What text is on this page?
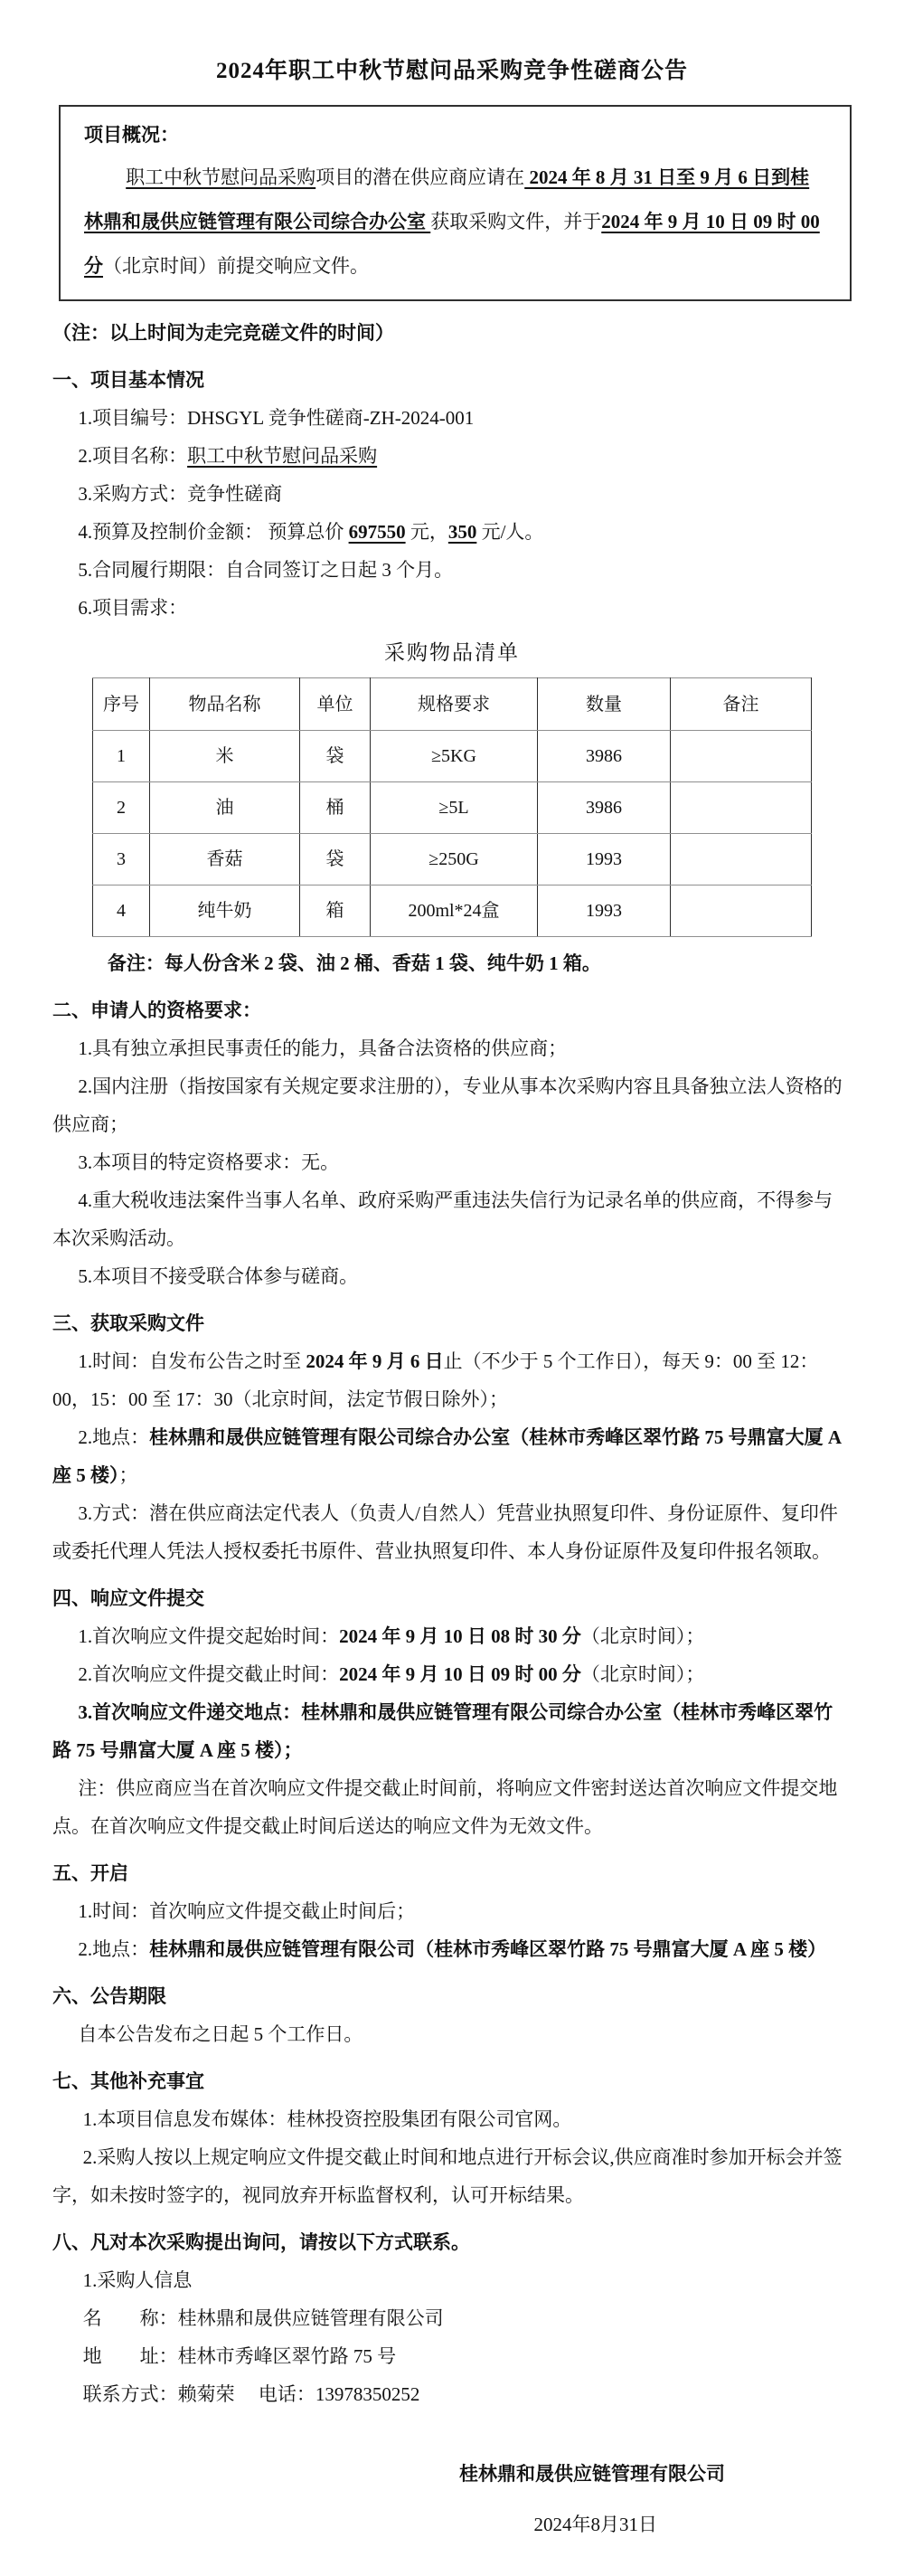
2024年职工中秋节慰问品采购竞争性磋商公告

项目概况：

职工中秋节慰问品采购项目的潜在供应商应请在 2024 年 8 月 31 日至 9 月 6 日到桂林鼎和晟供应链管理有限公司综合办公室 获取采购文件，并于2024 年 9 月 10 日 09 时 00 分（北京时间）前提交响应文件。

（注：以上时间为走完竞磋文件的时间）

一、项目基本情况

1.项目编号：DHSGYL 竞争性磋商-ZH-2024-001

2.项目名称：职工中秋节慰问品采购

3.采购方式：竞争性磋商

4.预算及控制价金额： 预算总价 697550 元，350 元/人。

5.合同履行期限：自合同签订之日起 3 个月。

6.项目需求：

采购物品清单

序号	物品名称	单位	规格要求	数量	备注
1	米	袋	≥5KG	3986	
2	油	桶	≥5L	3986	
3	香菇	袋	≥250G	1993	
4	纯牛奶	箱	200ml*24盒	1993	

备注：每人份含米 2 袋、油 2 桶、香菇 1 袋、纯牛奶 1 箱。

二、申请人的资格要求：

1.具有独立承担民事责任的能力，具备合法资格的供应商；

2.国内注册（指按国家有关规定要求注册的），专业从事本次采购内容且具备独立法人资格的供应商；

3.本项目的特定资格要求：无。

4.重大税收违法案件当事人名单、政府采购严重违法失信行为记录名单的供应商，不得参与本次采购活动。

5.本项目不接受联合体参与磋商。

三、获取采购文件

1.时间：自发布公告之时至 2024 年 9 月 6 日止（不少于 5 个工作日），每天 9：00 至 12：00，15：00 至 17：30（北京时间，法定节假日除外）；

2.地点：桂林鼎和晟供应链管理有限公司综合办公室（桂林市秀峰区翠竹路 75 号鼎富大厦 A 座 5 楼）；

3.方式：潜在供应商法定代表人（负责人/自然人）凭营业执照复印件、身份证原件、复印件或委托代理人凭法人授权委托书原件、营业执照复印件、本人身份证原件及复印件报名领取。

四、响应文件提交

1.首次响应文件提交起始时间：2024 年 9 月 10 日 08 时 30 分（北京时间）；

2.首次响应文件提交截止时间：2024 年 9 月 10 日 09 时 00 分（北京时间）；

3.首次响应文件递交地点：桂林鼎和晟供应链管理有限公司综合办公室（桂林市秀峰区翠竹路 75 号鼎富大厦 A 座 5 楼）；

注：供应商应当在首次响应文件提交截止时间前，将响应文件密封送达首次响应文件提交地点。在首次响应文件提交截止时间后送达的响应文件为无效文件。

五、开启

1.时间：首次响应文件提交截止时间后；

2.地点：桂林鼎和晟供应链管理有限公司（桂林市秀峰区翠竹路 75 号鼎富大厦 A 座 5 楼）

六、公告期限

自本公告发布之日起 5 个工作日。

七、其他补充事宜

1.本项目信息发布媒体：桂林投资控股集团有限公司官网。

2.采购人按以上规定响应文件提交截止时间和地点进行开标会议,供应商准时参加开标会并签字，如未按时签字的，视同放弃开标监督权利，认可开标结果。

八、凡对本次采购提出询问，请按以下方式联系。

1.采购人信息

名　　称：桂林鼎和晟供应链管理有限公司

地　　址：桂林市秀峰区翠竹路 75 号

联系方式：赖菊荣　 电话：13978350252

桂林鼎和晟供应链管理有限公司

2024年8月31日
